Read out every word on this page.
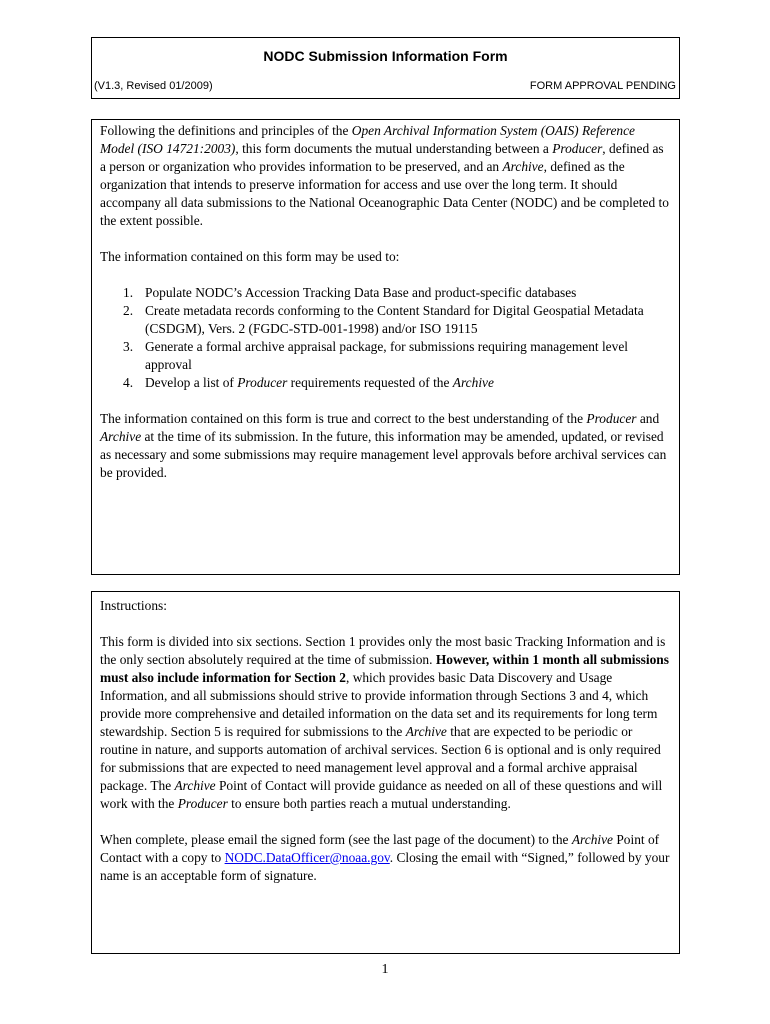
NODC Submission Information Form
(V1.3, Revised 01/2009)	FORM APPROVAL PENDING

Following the definitions and principles of the Open Archival Information System (OAIS) Reference Model (ISO 14721:2003), this form documents the mutual understanding between a Producer, defined as a person or organization who provides information to be preserved, and an Archive, defined as the organization that intends to preserve information for access and use over the long term. It should accompany all data submissions to the National Oceanographic Data Center (NODC) and be completed to the extent possible.

The information contained on this form may be used to:

1. Populate NODC’s Accession Tracking Data Base and product-specific databases
2. Create metadata records conforming to the Content Standard for Digital Geospatial Metadata (CSDGM), Vers. 2 (FGDC-STD-001-1998) and/or ISO 19115
3. Generate a formal archive appraisal package, for submissions requiring management level approval
4. Develop a list of Producer requirements requested of the Archive

The information contained on this form is true and correct to the best understanding of the Producer and Archive at the time of its submission. In the future, this information may be amended, updated, or revised as necessary and some submissions may require management level approvals before archival services can be provided.

Instructions:

This form is divided into six sections. Section 1 provides only the most basic Tracking Information and is the only section absolutely required at the time of submission. However, within 1 month all submissions must also include information for Section 2, which provides basic Data Discovery and Usage Information, and all submissions should strive to provide information through Sections 3 and 4, which provide more comprehensive and detailed information on the data set and its requirements for long term stewardship. Section 5 is required for submissions to the Archive that are expected to be periodic or routine in nature, and supports automation of archival services. Section 6 is optional and is only required for submissions that are expected to need management level approval and a formal archive appraisal package. The Archive Point of Contact will provide guidance as needed on all of these questions and will work with the Producer to ensure both parties reach a mutual understanding.

When complete, please email the signed form (see the last page of the document) to the Archive Point of Contact with a copy to NODC.DataOfficer@noaa.gov. Closing the email with “Signed,” followed by your name is an acceptable form of signature.

1
